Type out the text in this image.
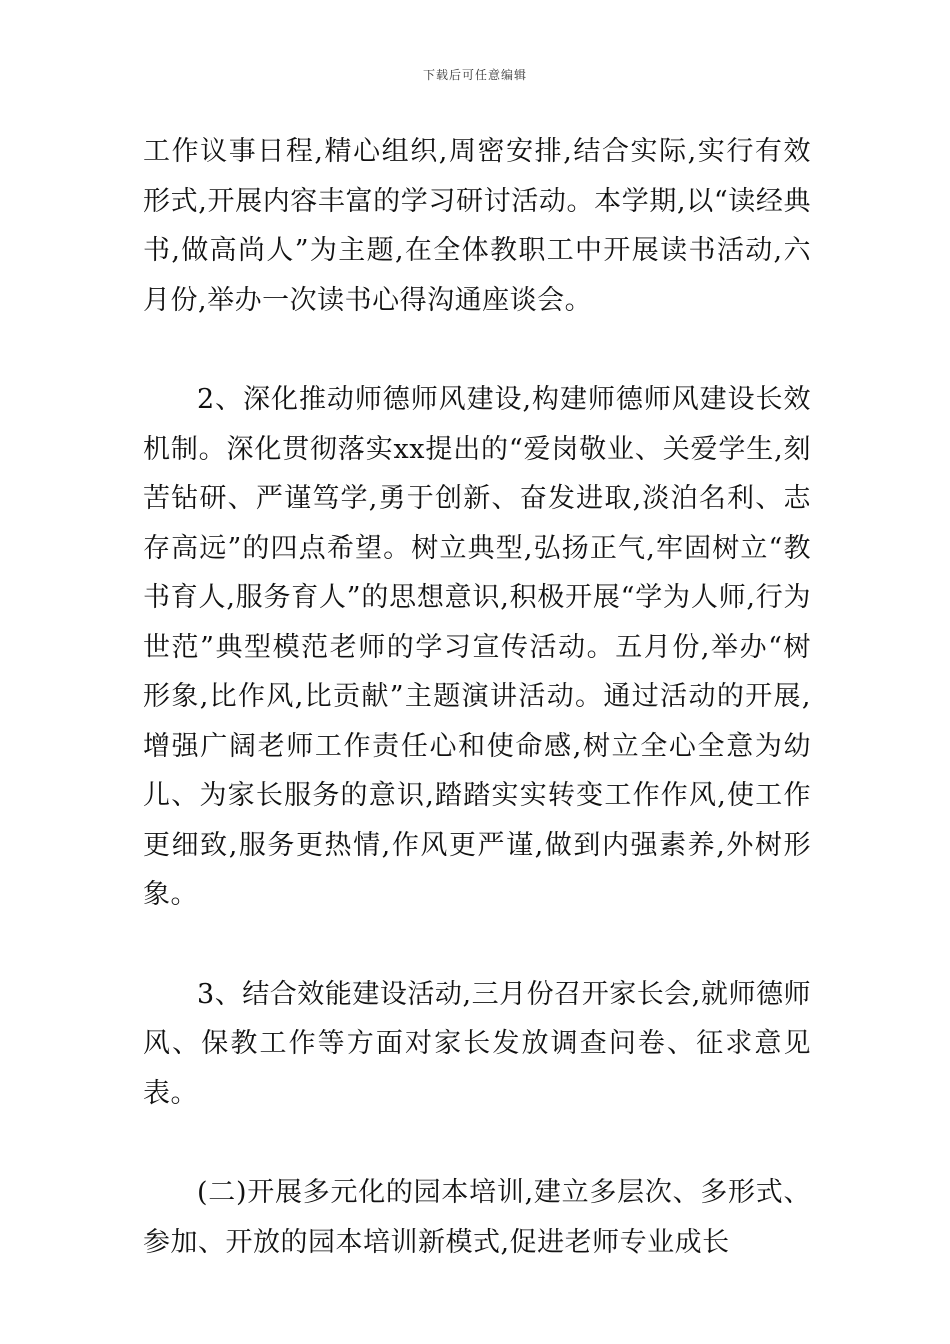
下载后可任意编辑

工作议事日程,精心组织,周密安排,结合实际,实行有效形式,开展内容丰富的学习研讨活动。本学期,以“读经典书,做高尚人”为主题,在全体教职工中开展读书活动,六月份,举办一次读书心得沟通座谈会。

2、深化推动师德师风建设,构建师德师风建设长效机制。深化贯彻落实xx提出的“爱岗敬业、关爱学生,刻苦钻研、严谨笃学,勇于创新、奋发进取,淡泊名利、志存高远”的四点希望。树立典型,弘扬正气,牢固树立“教书育人,服务育人”的思想意识,积极开展“学为人师,行为世范”典型模范老师的学习宣传活动。五月份,举办“树形象,比作风,比贡献”主题演讲活动。通过活动的开展,增强广阔老师工作责任心和使命感,树立全心全意为幼儿、为家长服务的意识,踏踏实实转变工作作风,使工作更细致,服务更热情,作风更严谨,做到内强素养,外树形象。

3、结合效能建设活动,三月份召开家长会,就师德师风、保教工作等方面对家长发放调查问卷、征求意见表。

(二)开展多元化的园本培训,建立多层次、多形式、参加、开放的园本培训新模式,促进老师专业成长
